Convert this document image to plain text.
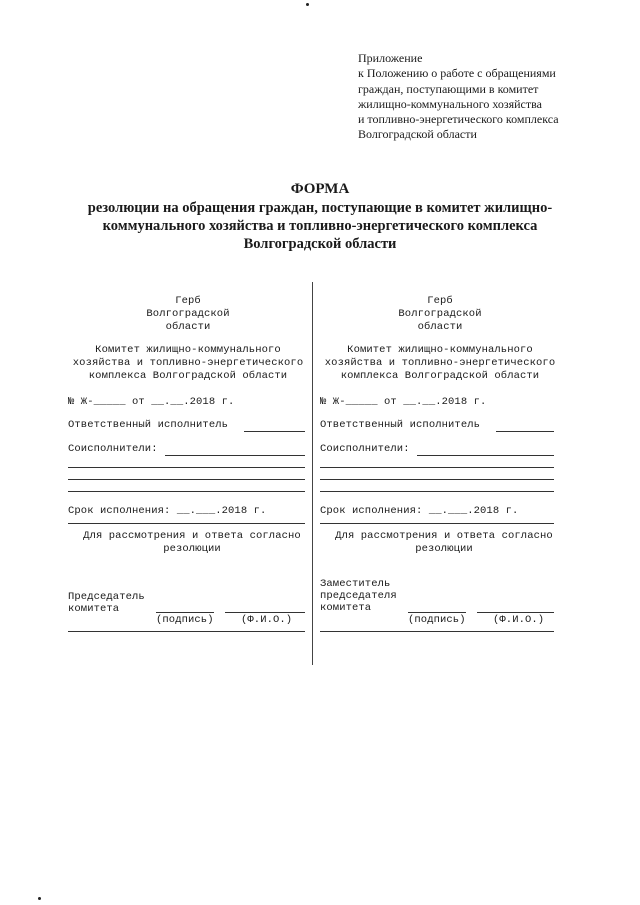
Приложение
к Положению о работе с обращениями
граждан, поступающими в комитет
жилищно-коммунального хозяйства
и топливно-энергетического комплекса
Волгоградской области
ФОРМА
резолюции на обращения граждан, поступающие в комитет жилищно-
коммунального хозяйства и топливно-энергетического комплекса
Волгоградской области
Герб
Волгоградской
области
Комитет жилищно-коммунального
хозяйства и топливно-энергетического
комплекса Волгоградской области
№ Ж-_____ от __.__.2018 г.
Ответственный исполнитель
Соисполнители:
Срок исполнения: __.___.2018 г.
Для рассмотрения и ответа согласно
резолюции
Председатель
комитета
(подпись)	(Ф.И.О.)
Герб
Волгоградской
области
Комитет жилищно-коммунального
хозяйства и топливно-энергетического
комплекса Волгоградской области
№ Ж-_____ от __.__.2018 г.
Ответственный исполнитель
Соисполнители:
Срок исполнения: __.___.2018 г.
Для рассмотрения и ответа согласно
резолюции
Заместитель
председателя
комитета
(подпись)	(Ф.И.О.)
